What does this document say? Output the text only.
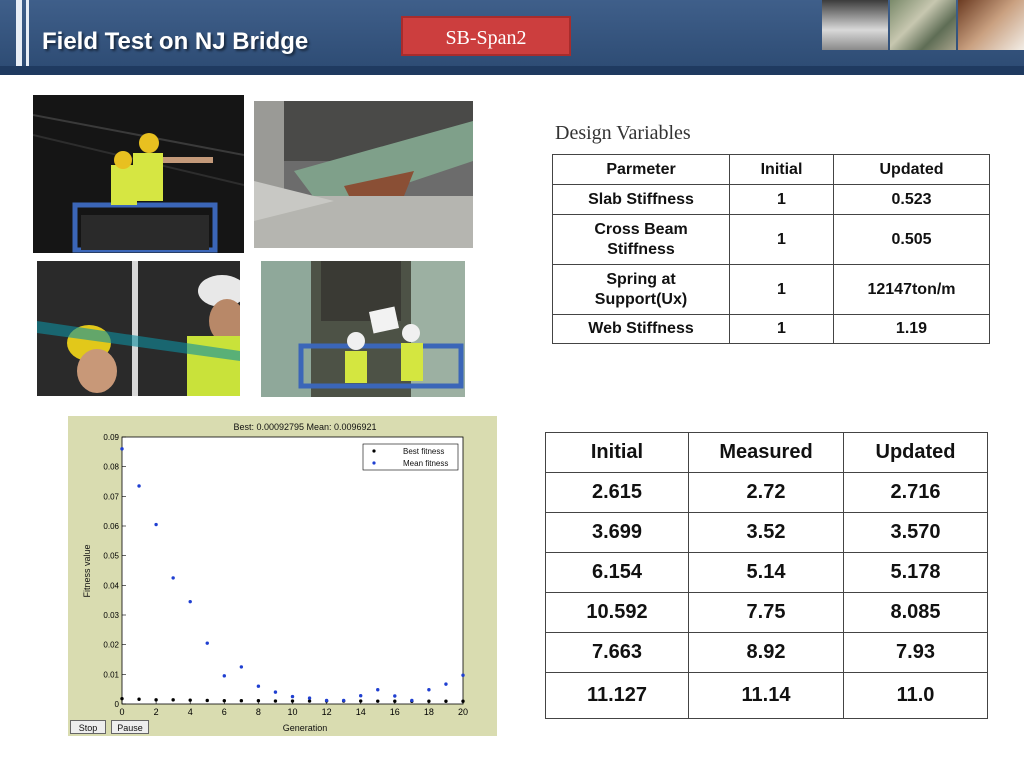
Field Test on NJ Bridge	SB-Span2
Design Variables
Parmeter	Initial	Updated
Slab Stiffness	1	0.523
Cross Beam
Stiffness	1	0.505
Spring at
Support(Ux)	1	12147ton/m
Web Stiffness	1	1.19
Initial	Measured	Updated
2.615	2.72	2.716
3.699	3.52	3.570
6.154	5.14	5.178
10.592	7.75	8.085
7.663	8.92	7.93
11.127	11.14	11.0
Best: 0.00092795 Mean: 0.0096921
0	2	4	6	8	10	12	14	16	18	20
0
0.01
0.02
0.03
0.04
0.05
0.06
0.07
0.08
0.09
Generation
Fitness value
Best fitness
Mean fitness
Stop	Pause
